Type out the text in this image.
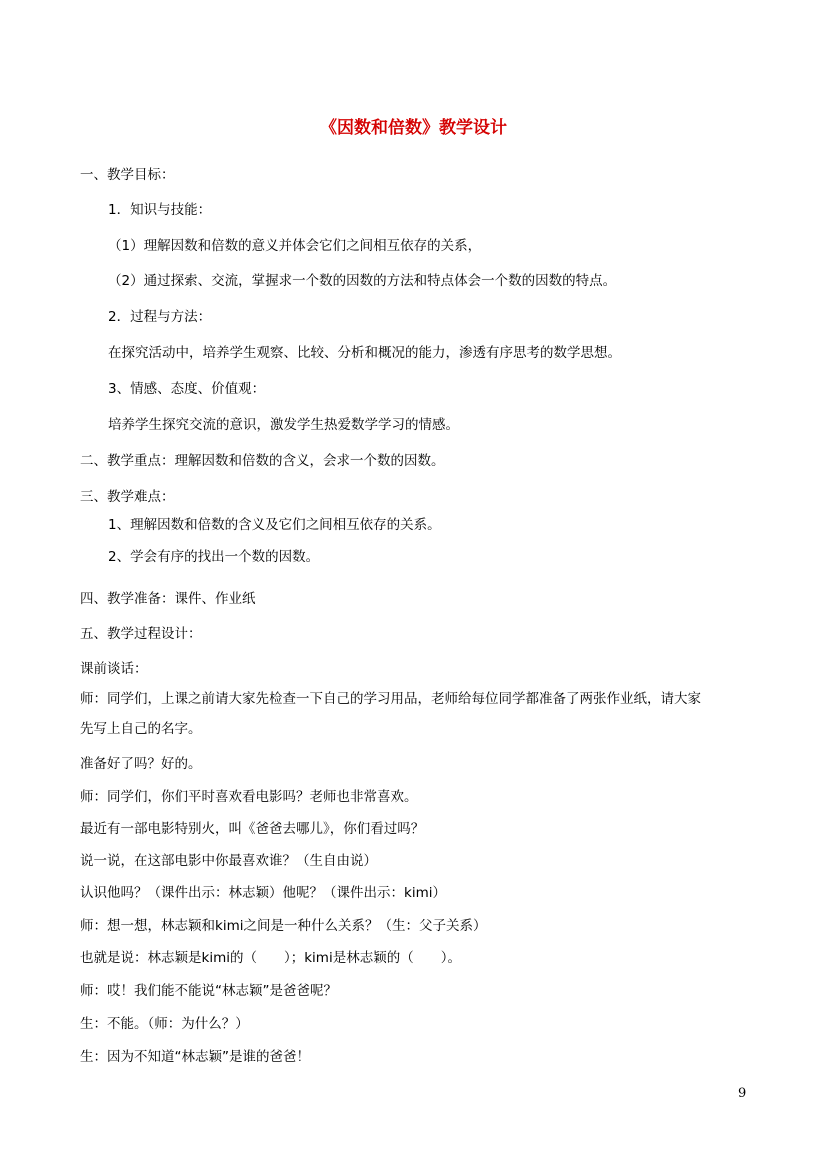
《因数和倍数》教学设计
一、教学目标：
1．知识与技能：
（1）理解因数和倍数的意义并体会它们之间相互依存的关系，
（2）通过探索、交流，掌握求一个数的因数的方法和特点体会一个数的因数的特点。
2．过程与方法：
在探究活动中，培养学生观察、比较、分析和概况的能力，渗透有序思考的数学思想。
3、情感、态度、价值观：
培养学生探究交流的意识，激发学生热爱数学学习的情感。
二、教学重点：理解因数和倍数的含义，会求一个数的因数。
三、教学难点：
1、理解因数和倍数的含义及它们之间相互依存的关系。
2、学会有序的找出一个数的因数。
四、教学准备：课件、作业纸
五、教学过程设计：
课前谈话：
师：同学们，上课之前请大家先检查一下自己的学习用品，老师给每位同学都准备了两张作业纸，请大家
先写上自己的名字。
准备好了吗？好的。
师：同学们，你们平时喜欢看电影吗？老师也非常喜欢。
最近有一部电影特别火，叫《爸爸去哪儿》，你们看过吗？
说一说，在这部电影中你最喜欢谁？（生自由说）
认识他吗？（课件出示：林志颖）他呢？（课件出示：kimi）
师：想一想，林志颖和kimi之间是一种什么关系？（生：父子关系）
也就是说：林志颖是kimi的（　　）；kimi是林志颖的（　　）。
师：哎！我们能不能说“林志颖”是爸爸呢？
生：不能。（师：为什么？）
生：因为不知道“林志颖”是谁的爸爸！
9
